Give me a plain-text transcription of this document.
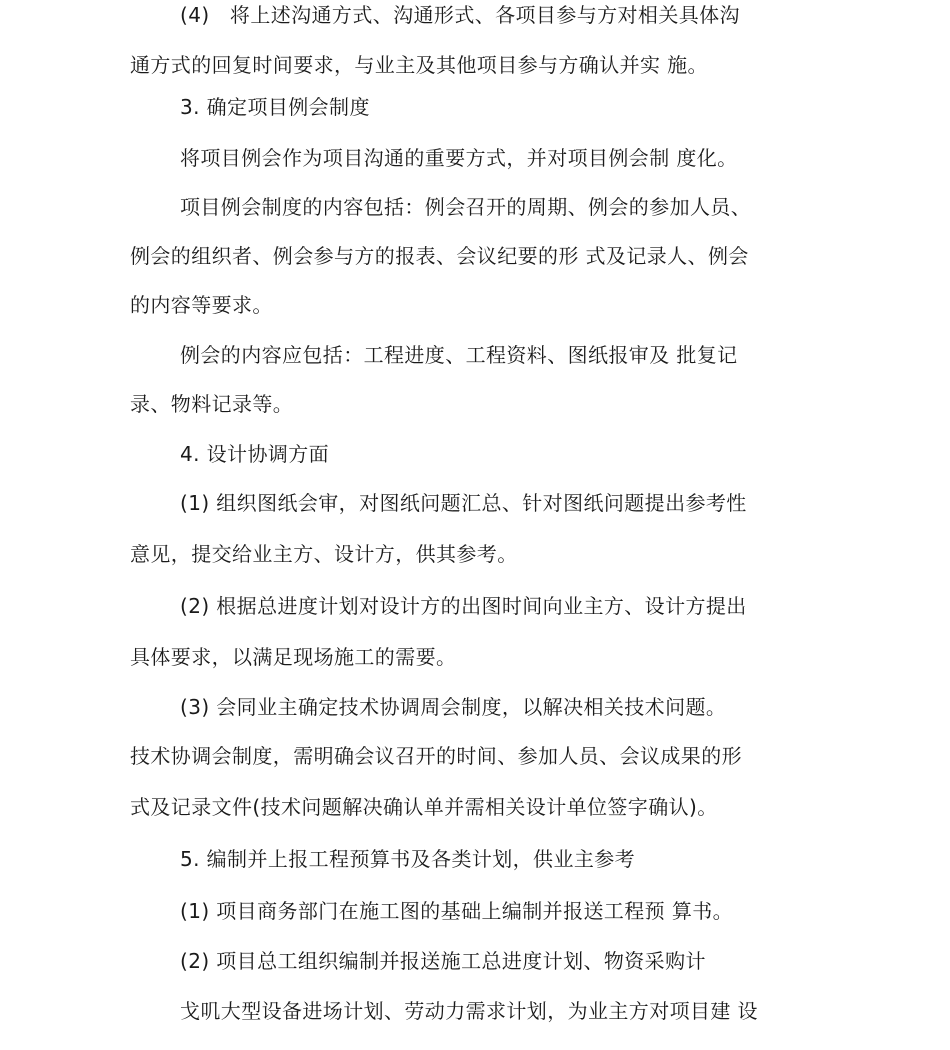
(4)　将上述沟通方式、沟通形式、各项目参与方对相关具体沟
通方式的回复时间要求，与业主及其他项目参与方确认并实 施。
3. 确定项目例会制度
将项目例会作为项目沟通的重要方式，并对项目例会制 度化。
项目例会制度的内容包括：例会召开的周期、例会的参加人员、
例会的组织者、例会参与方的报表、会议纪要的形 式及记录人、例会
的内容等要求。
例会的内容应包括：工程进度、工程资料、图纸报审及 批复记
录、物料记录等。
4. 设计协调方面
(1) 组织图纸会审，对图纸问题汇总、针对图纸问题提出参考性
意见，提交给业主方、设计方，供其参考。
(2) 根据总进度计划对设计方的出图时间向业主方、设计方提出
具体要求，以满足现场施工的需要。
(3) 会同业主确定技术协调周会制度，以解决相关技术问题。
技术协调会制度，需明确会议召开的时间、参加人员、会议成果的形
式及记录文件(技术问题解决确认单并需相关设计单位签字确认)。
5. 编制并上报工程预算书及各类计划，供业主参考
(1) 项目商务部门在施工图的基础上编制并报送工程预 算书。
(2) 项目总工组织编制并报送施工总进度计划、物资采购计
戈叽大型设备进场计划、劳动力需求计划，为业主方对项目建 设
